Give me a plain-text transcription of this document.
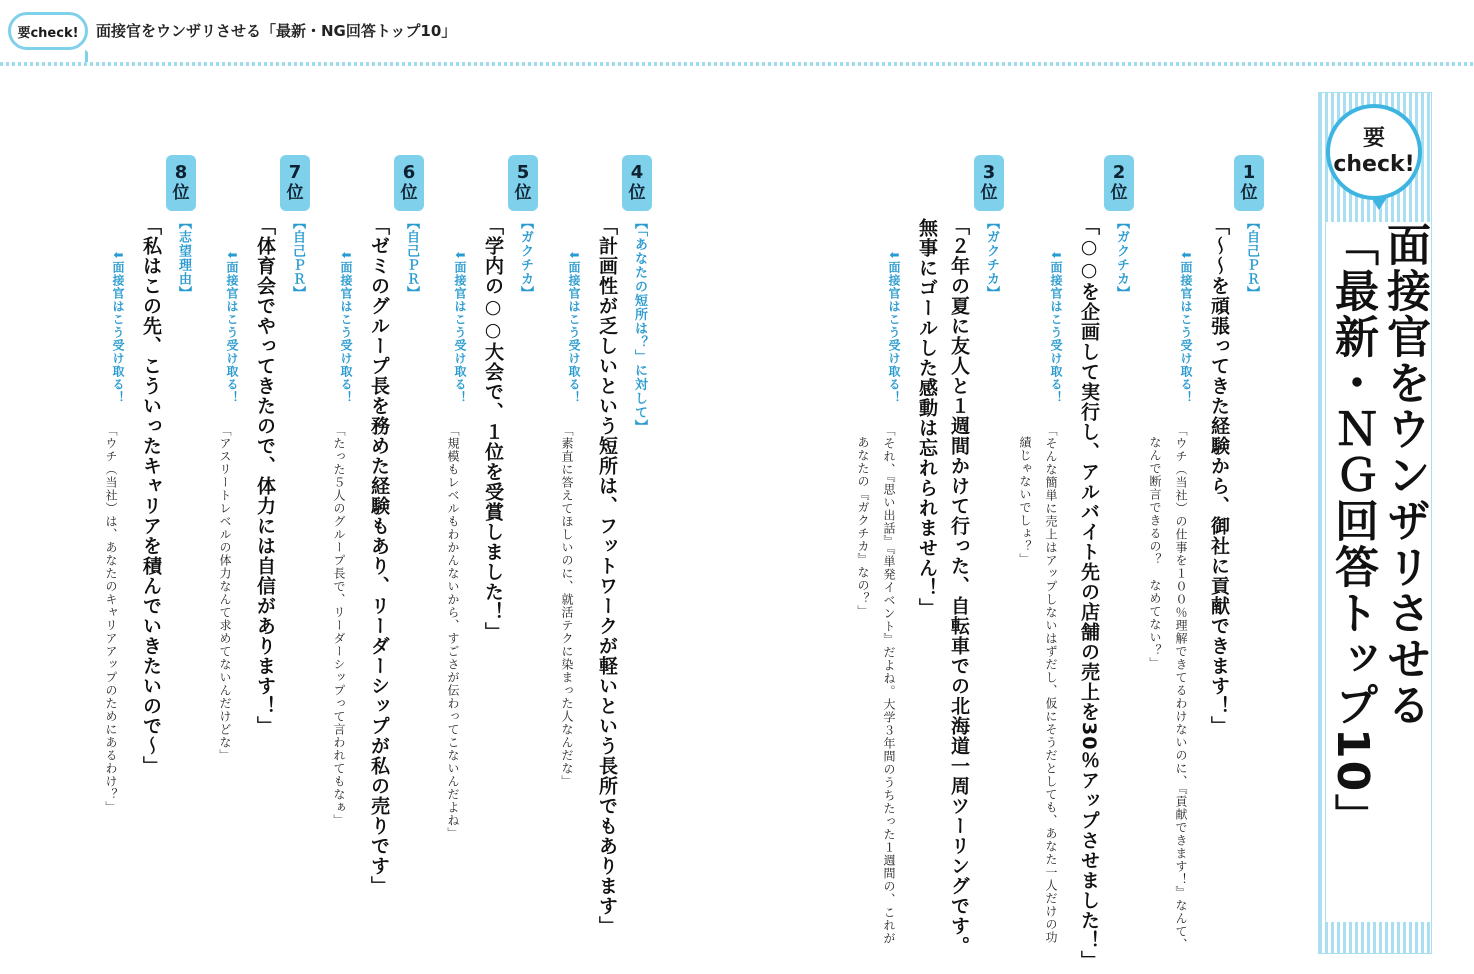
要check! 面接官をウンザリさせる「最新・NG回答トップ10」
要
check!
面接官をウンザリさせる
「最新・ＮＧ回答トップ10」
1
位
【自己ＰＲ】
「～～を頑張ってきた経験から、御社に貢献できます！」
⬇面接官はこう受け取る！
「ウチ（当社）の仕事を１００％理解できてるわけないのに、『貢献できます！』なんて、
なんで断言できるの？　なめてない？」
2
位
【ガクチカ】
「○○を企画して実行し、アルバイト先の店舗の売上を30％アップさせました！」
⬇面接官はこう受け取る！
「そんな簡単に売上はアップしないはずだし、仮にそうだとしても、あなた一人だけの功
績じゃないでしょ？」
3
位
【ガクチカ】
「２年の夏に友人と１週間かけて行った、自転車での北海道一周ツーリングです。
無事にゴールした感動は忘れられません！」
⬇面接官はこう受け取る！
「それ、『思い出話』『単発イベント』だよね。大学３年間のうちたった１週間の、これが
あなたの『ガクチカ』なの？」
4
位
【「あなたの短所は？」に対して】
「計画性が乏しいという短所は、フットワークが軽いという長所でもあります」
⬇面接官はこう受け取る！
「素直に答えてほしいのに、就活テクに染まった人なんだな」
5
位
【ガクチカ】
「学内の○○大会で、１位を受賞しました！」
⬇面接官はこう受け取る！
「規模もレベルもわかんないから、すごさが伝わってこないんだよね」
6
位
【自己ＰＲ】
「ゼミのグループ長を務めた経験もあり、リーダーシップが私の売りです」
⬇面接官はこう受け取る！
「たった５人のグループ長で、リーダーシップって言われてもなぁ」
7
位
【自己ＰＲ】
「体育会でやってきたので、体力には自信があります！」
⬇面接官はこう受け取る！
「アスリートレベルの体力なんて求めてないんだけどな」
8
位
【志望理由】
「私はこの先、こういったキャリアを積んでいきたいので～」
⬇面接官はこう受け取る！
「ウチ（当社）は、あなたのキャリアアップのためにあるわけ？」
